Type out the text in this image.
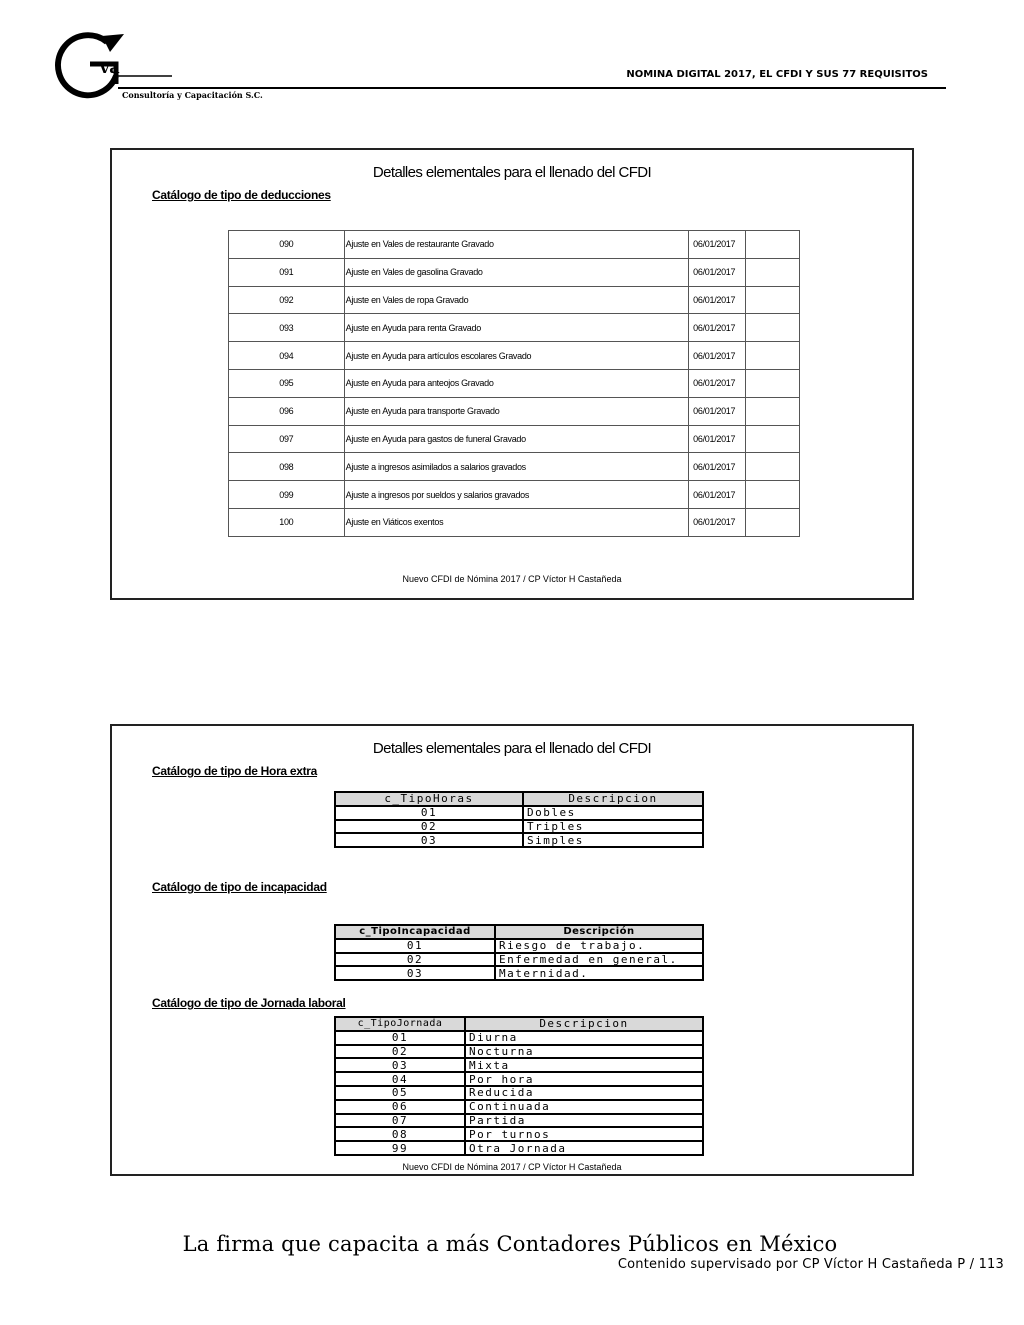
va
Consultoría y Capacitación S.C.
NOMINA DIGITAL 2017, EL CFDI Y SUS 77 REQUISITOS
Detalles elementales para el llenado del CFDI
Catálogo de tipo de deducciones
090	Ajuste en Vales de restaurante Gravado	06/01/2017	
091	Ajuste en Vales de gasolina Gravado	06/01/2017	
092	Ajuste en Vales de ropa Gravado	06/01/2017	
093	Ajuste en Ayuda para renta Gravado	06/01/2017	
094	Ajuste en Ayuda para artículos escolares Gravado	06/01/2017	
095	Ajuste en Ayuda para anteojos Gravado	06/01/2017	
096	Ajuste en Ayuda para transporte Gravado	06/01/2017	
097	Ajuste en Ayuda para gastos de funeral Gravado	06/01/2017	
098	Ajuste a ingresos asimilados a salarios gravados	06/01/2017	
099	Ajuste a ingresos por sueldos y salarios gravados	06/01/2017	
100	Ajuste en Viáticos exentos	06/01/2017	
Nuevo CFDI de Nómina 2017 / CP Víctor H Castañeda
Detalles elementales para el llenado del CFDI
Catálogo de tipo de Hora extra
c_TipoHoras	Descripcion
01	Dobles
02	Triples
03	Simples
Catálogo de tipo de incapacidad
c_TipoIncapacidad	Descripción
01	Riesgo de trabajo.
02	Enfermedad en general.
03	Maternidad.
Catálogo de tipo de Jornada laboral
c_TipoJornada	Descripcion
01	Diurna
02	Nocturna
03	Mixta
04	Por hora
05	Reducida
06	Continuada
07	Partida
08	Por turnos
99	Otra Jornada
Nuevo CFDI de Nómina 2017 / CP Víctor H Castañeda
La firma que capacita a más Contadores Públicos en México
Contenido supervisado por CP Víctor H Castañeda P / 113
